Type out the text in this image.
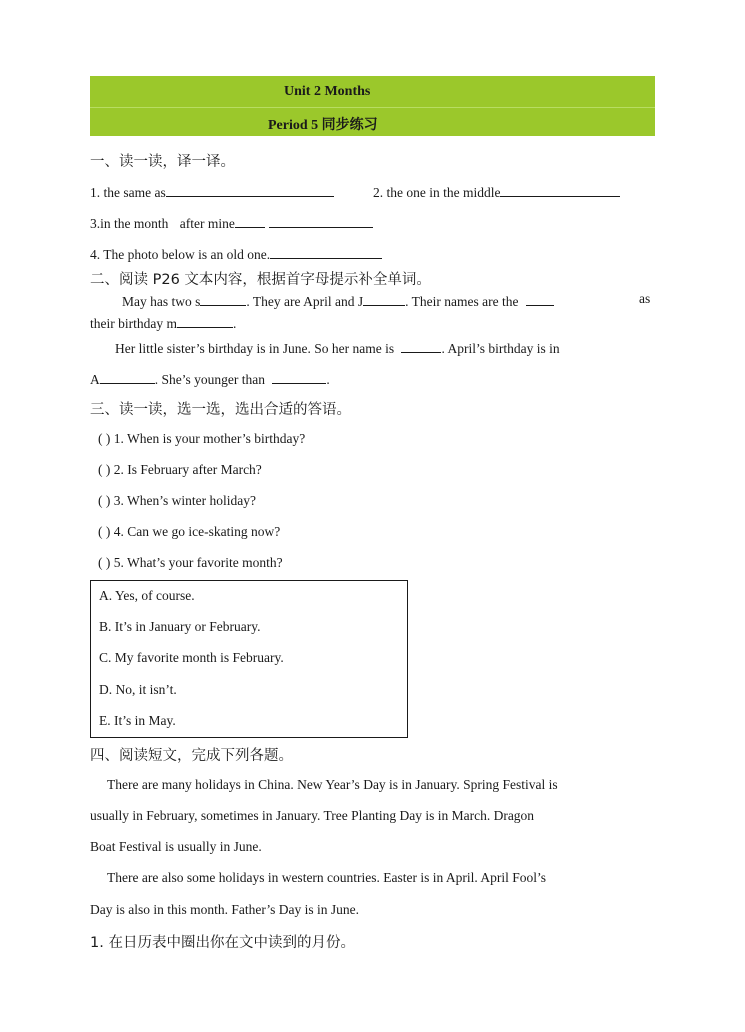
Unit 2 Months
Period 5 同步练习
一、读一读，译一译。
1. the same as	2. the one in the middle
3.in the month after mine
4. The photo below is an old one.
二、阅读 P26 文本内容，根据首字母提示补全单词。
May has two s	. They are April and J	. Their names are the	as
their birthday m	.
Her little sister’s birthday is in June. So her name is	. April’s birthday is in
A	. She’s younger than	.
三、读一读，选一选，选出合适的答语。
( ) 1. When is your mother’s birthday?
( ) 2. Is February after March?
( ) 3. When’s winter holiday?
( ) 4. Can we go ice-skating now?
( ) 5. What’s your favorite month?
A. Yes, of course.
B. It’s in January or February.
C. My favorite month is February.
D. No, it isn’t.
E. It’s in May.
四、阅读短文，完成下列各题。
There are many holidays in China. New Year’s Day is in January. Spring Festival is
usually in February, sometimes in January. Tree Planting Day is in March. Dragon
Boat Festival is usually in June.
There are also some holidays in western countries. Easter is in April. April Fool’s
Day is also in this month. Father’s Day is in June.
1. 在日历表中圈出你在文中读到的月份。
